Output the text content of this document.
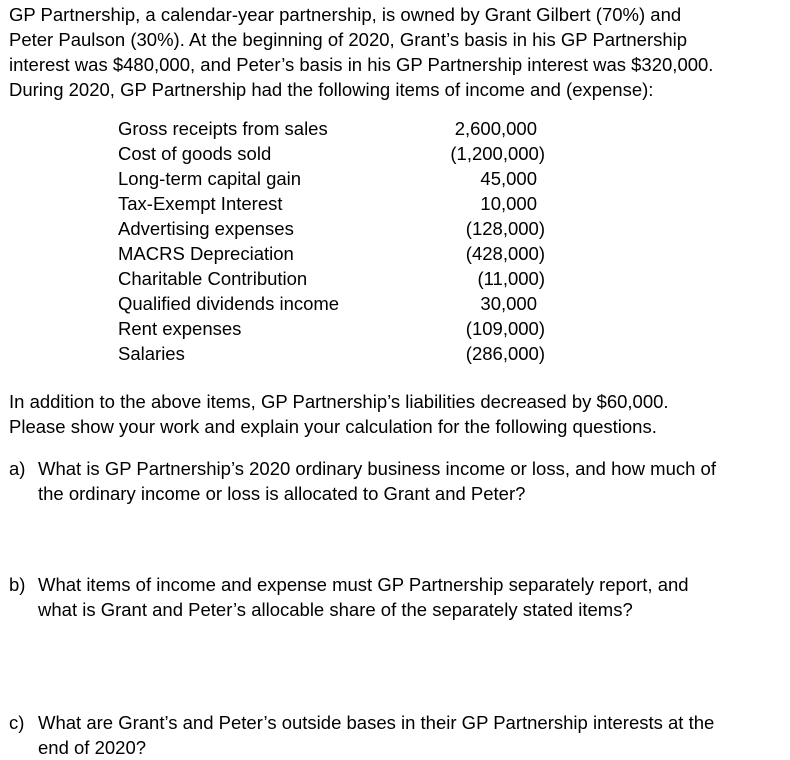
GP Partnership, a calendar-year partnership, is owned by Grant Gilbert (70%) and
Peter Paulson (30%). At the beginning of 2020, Grant’s basis in his GP Partnership
interest was $480,000, and Peter’s basis in his GP Partnership interest was $320,000.
During 2020, GP Partnership had the following items of income and (expense):
Gross receipts from sales	2,600,000
Cost of goods sold	(1,200,000)
Long-term capital gain	45,000
Tax-Exempt Interest	10,000
Advertising expenses	(128,000)
MACRS Depreciation	(428,000)
Charitable Contribution	(11,000)
Qualified dividends income	30,000
Rent expenses	(109,000)
Salaries	(286,000)
In addition to the above items, GP Partnership’s liabilities decreased by $60,000.
Please show your work and explain your calculation for the following questions.
a) What is GP Partnership’s 2020 ordinary business income or loss, and how much of
the ordinary income or loss is allocated to Grant and Peter?
b) What items of income and expense must GP Partnership separately report, and
what is Grant and Peter’s allocable share of the separately stated items?
c) What are Grant’s and Peter’s outside bases in their GP Partnership interests at the
end of 2020?
